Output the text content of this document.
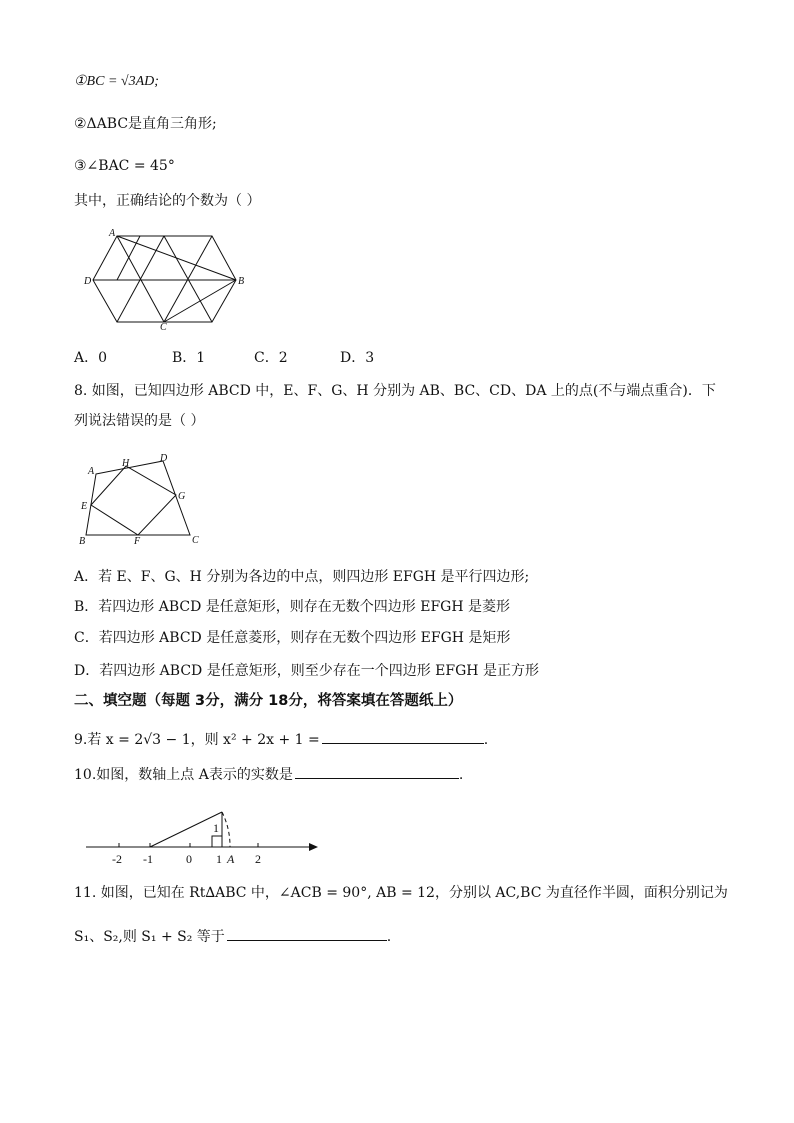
①BC = √3AD;
②ΔABC是直角三角形;
③∠BAC = 45°
其中，正确结论的个数为（ ）
A
B
C
D
A．0	B．1	C．2	D．3
8. 如图，已知四边形 ABCD 中，E、F、G、H 分别为 AB、BC、CD、DA 上的点(不与端点重合)．下
列说法错误的是（ ）
A
B	C
D
E
F
G
H
A．若 E、F、G、H 分别为各边的中点，则四边形 EFGH 是平行四边形;
B．若四边形 ABCD 是任意矩形，则存在无数个四边形 EFGH 是菱形
C．若四边形 ABCD 是任意菱形，则存在无数个四边形 EFGH 是矩形
D．若四边形 ABCD 是任意矩形，则至少存在一个四边形 EFGH 是正方形
二、填空题（每题 3分，满分 18分，将答案填在答题纸上）
9.若 x = 2√3 − 1，则 x² + 2x + 1 =	.
10.如图，数轴上点 A表示的实数是	.
-2 -1	0 1	2
A
1
11. 如图，已知在 Rt∆ABC 中，∠ACB = 90°, AB = 12，分别以 AC,BC 为直径作半圆，面积分别记为
S₁、S₂,则 S₁ + S₂ 等于	.
